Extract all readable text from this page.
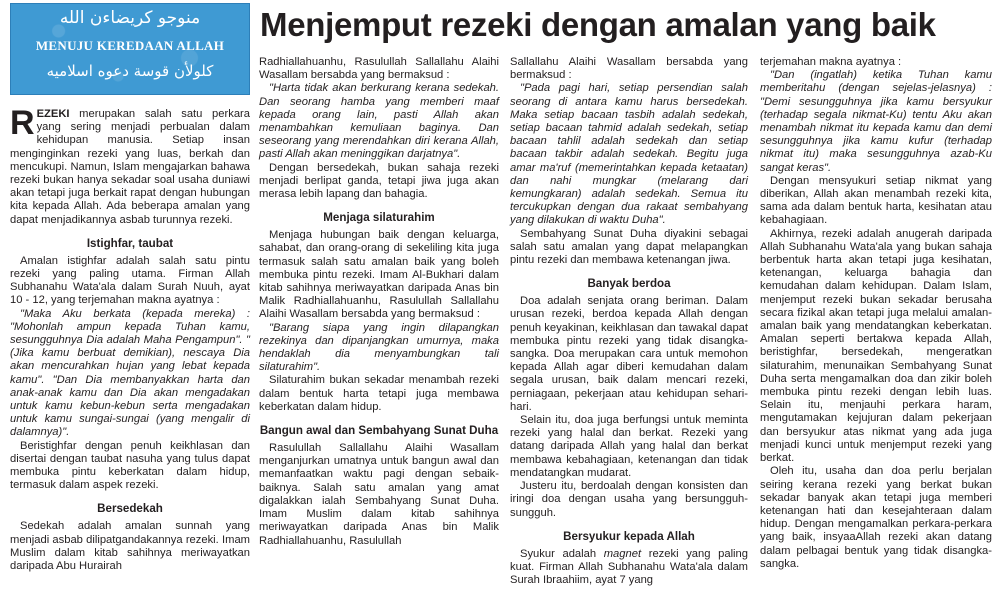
منوجو كريضاءن الله
MENUJU KEREDAAN ALLAH
كلولأن قوسة دعوه اسلاميه
Menjemput rezeki dengan amalan yang baik

REZEKI merupakan salah satu perkara yang sering menjadi perbualan dalam kehidupan manusia. Setiap insan menginginkan rezeki yang luas, berkah dan mencukupi. Namun, Islam mengajarkan bahawa rezeki bukan hanya sekadar soal usaha duniawi akan tetapi juga berkait rapat dengan hubungan kita kepada Allah. Ada beberapa amalan yang dapat menjadikannya asbab turunnya rezeki.

Istighfar, taubat

Amalan istighfar adalah salah satu pintu rezeki yang paling utama. Firman Allah Subhanahu Wata'ala dalam Surah Nuuh, ayat 10 - 12, yang terjemahan makna ayatnya :

"Maka Aku berkata (kepada mereka) : "Mohonlah ampun kepada Tuhan kamu, sesungguhnya Dia adalah Maha Pengampun". "(Jika kamu berbuat demikian), nescaya Dia akan mencurahkan hujan yang lebat kepada kamu". "Dan Dia membanyakkan harta dan anak-anak kamu dan Dia akan mengadakan untuk kamu kebun-kebun serta mengadakan untuk kamu sungai-sungai (yang mengalir di dalamnya)".

Beristighfar dengan penuh keikhlasan dan disertai dengan taubat nasuha yang tulus dapat membuka pintu keberkatan dalam hidup, termasuk dalam aspek rezeki.

Bersedekah

Sedekah adalah amalan sunnah yang menjadi asbab dilipatgandakannya rezeki. Imam Muslim dalam kitab sahihnya meriwayatkan daripada Abu Hurairah

Radhiallahuanhu, Rasulullah Sallallahu Alaihi Wasallam bersabda yang bermaksud :

"Harta tidak akan berkurang kerana sedekah. Dan seorang hamba yang memberi maaf kepada orang lain, pasti Allah akan menambahkan kemuliaan baginya. Dan seseorang yang merendahkan diri kerana Allah, pasti Allah akan meninggikan darjatnya".

Dengan bersedekah, bukan sahaja rezeki menjadi berlipat ganda, tetapi jiwa juga akan merasa lebih lapang dan bahagia.

Menjaga silaturahim

Menjaga hubungan baik dengan keluarga, sahabat, dan orang-orang di sekeliling kita juga termasuk salah satu amalan baik yang boleh membuka pintu rezeki. Imam Al-Bukhari dalam kitab sahihnya meriwayatkan daripada Anas bin Malik Radhiallahuanhu, Rasulullah Sallallahu Alaihi Wasallam bersabda yang bermaksud :

"Barang siapa yang ingin dilapangkan rezekinya dan dipanjangkan umurnya, maka hendaklah dia menyambungkan tali silaturahim".

Silaturahim bukan sekadar menambah rezeki dalam bentuk harta tetapi juga membawa keberkatan dalam hidup.

Bangun awal dan Sembahyang Sunat Duha

Rasulullah Sallallahu Alaihi Wasallam menganjurkan umatnya untuk bangun awal dan memanfaatkan waktu pagi dengan sebaik-baiknya. Salah satu amalan yang amat digalakkan ialah Sembahyang Sunat Duha. Imam Muslim dalam kitab sahihnya meriwayatkan daripada Anas bin Malik Radhiallahuanhu, Rasulullah

Sallallahu Alaihi Wasallam bersabda yang bermaksud :

"Pada pagi hari, setiap persendian salah seorang di antara kamu harus bersedekah. Maka setiap bacaan tasbih adalah sedekah, setiap bacaan tahmid adalah sedekah, setiap bacaan tahlil adalah sedekah dan setiap bacaan takbir adalah sedekah. Begitu juga amar ma'ruf (memerintahkan kepada ketaatan) dan nahi mungkar (melarang dari kemungkaran) adalah sedekah. Semua itu tercukupkan dengan dua rakaat sembahyang yang dilakukan di waktu Duha".

Sembahyang Sunat Duha diyakini sebagai salah satu amalan yang dapat melapangkan pintu rezeki dan membawa ketenangan jiwa.

Banyak berdoa

Doa adalah senjata orang beriman. Dalam urusan rezeki, berdoa kepada Allah dengan penuh keyakinan, keikhlasan dan tawakal dapat membuka pintu rezeki yang tidak disangka-sangka. Doa merupakan cara untuk memohon kepada Allah agar diberi kemudahan dalam segala urusan, baik dalam mencari rezeki, perniagaan, pekerjaan atau kehidupan sehari-hari.

Selain itu, doa juga berfungsi untuk meminta rezeki yang halal dan berkat. Rezeki yang datang daripada Allah yang halal dan berkat membawa kebahagiaan, ketenangan dan tidak mendatangkan mudarat.

Justeru itu, berdoalah dengan konsisten dan iringi doa dengan usaha yang bersungguh-sungguh.

Bersyukur kepada Allah

Syukur adalah magnet rezeki yang paling kuat. Firman Allah Subhanahu Wata'ala dalam Surah Ibraahiim, ayat 7 yang

terjemahan makna ayatnya :

"Dan (ingatlah) ketika Tuhan kamu memberitahu (dengan sejelas-jelasnya) : "Demi sesungguhnya jika kamu bersyukur (terhadap segala nikmat-Ku) tentu Aku akan menambah nikmat itu kepada kamu dan demi sesungguhnya jika kamu kufur (terhadap nikmat itu) maka sesungguhnya azab-Ku sangat keras".

Dengan mensyukuri setiap nikmat yang diberikan, Allah akan menambah rezeki kita, sama ada dalam bentuk harta, kesihatan atau kebahagiaan.

Akhirnya, rezeki adalah anugerah daripada Allah Subhanahu Wata'ala yang bukan sahaja berbentuk harta akan tetapi juga kesihatan, ketenangan, keluarga bahagia dan kemudahan dalam kehidupan. Dalam Islam, menjemput rezeki bukan sekadar berusaha secara fizikal akan tetapi juga melalui amalan-amalan baik yang mendatangkan keberkatan. Amalan seperti bertakwa kepada Allah, beristighfar, bersedekah, mengeratkan silaturahim, menunaikan Sembahyang Sunat Duha serta mengamalkan doa dan zikir boleh membuka pintu rezeki dengan lebih luas. Selain itu, menjauhi perkara haram, mengutamakan kejujuran dalam pekerjaan dan bersyukur atas nikmat yang ada juga menjadi kunci untuk menjemput rezeki yang berkat.

Oleh itu, usaha dan doa perlu berjalan seiring kerana rezeki yang berkat bukan sekadar banyak akan tetapi juga memberi ketenangan hati dan kesejahteraan dalam hidup. Dengan mengamalkan perkara-perkara yang baik, insyaaAllah rezeki akan datang dalam pelbagai bentuk yang tidak disangka-sangka.
